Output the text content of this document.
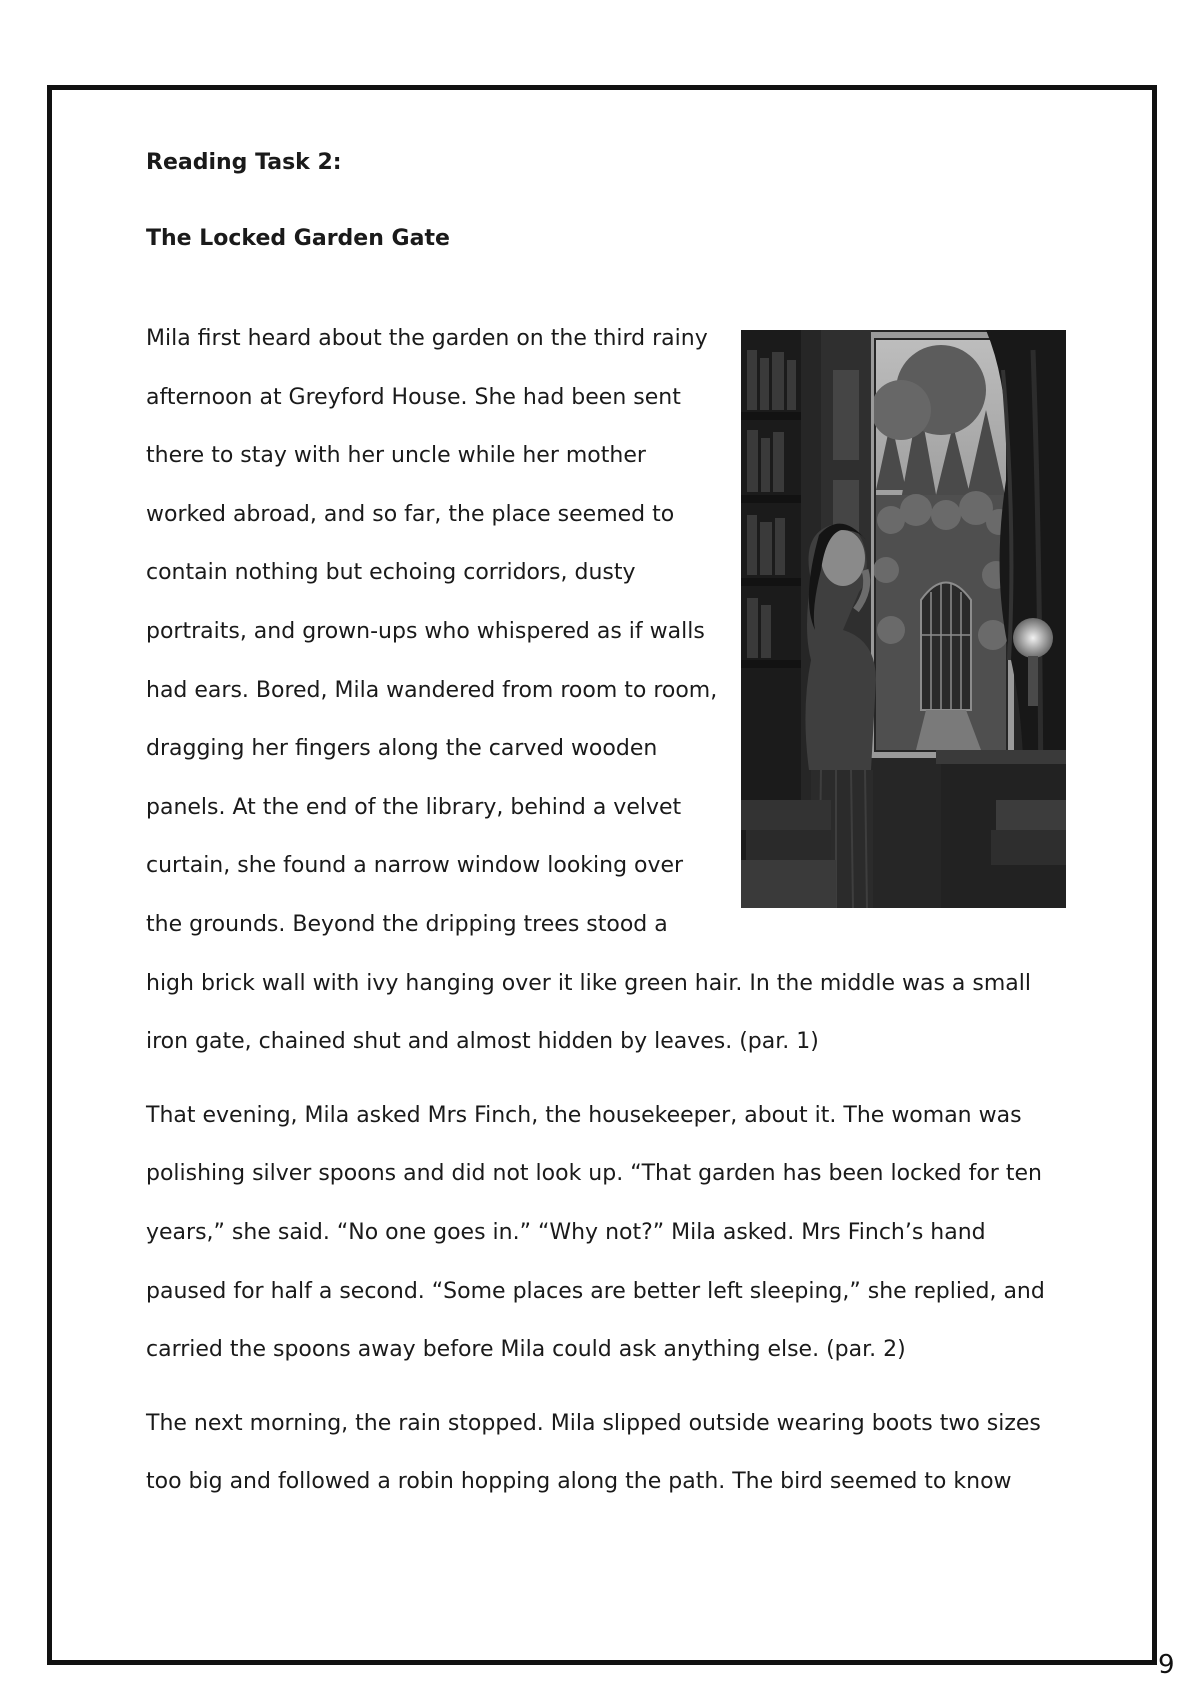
Reading Task 2:

The Locked Garden Gate

Mila first heard about the garden on the third rainy afternoon at Greyford House. She had been sent there to stay with her uncle while her mother worked abroad, and so far, the place seemed to contain nothing but echoing corridors, dusty portraits, and grown-ups who whispered as if walls had ears. Bored, Mila wandered from room to room, dragging her fingers along the carved wooden panels. At the end of the library, behind a velvet curtain, she found a narrow window looking over the grounds. Beyond the dripping trees stood a high brick wall with ivy hanging over it like green hair. In the middle was a small iron gate, chained shut and almost hidden by leaves. (par. 1)

That evening, Mila asked Mrs Finch, the housekeeper, about it. The woman was polishing silver spoons and did not look up. “That garden has been locked for ten years,” she said. “No one goes in.” “Why not?” Mila asked. Mrs Finch’s hand paused for half a second. “Some places are better left sleeping,” she replied, and carried the spoons away before Mila could ask anything else. (par. 2)

The next morning, the rain stopped. Mila slipped outside wearing boots two sizes too big and followed a robin hopping along the path. The bird seemed to know

9
